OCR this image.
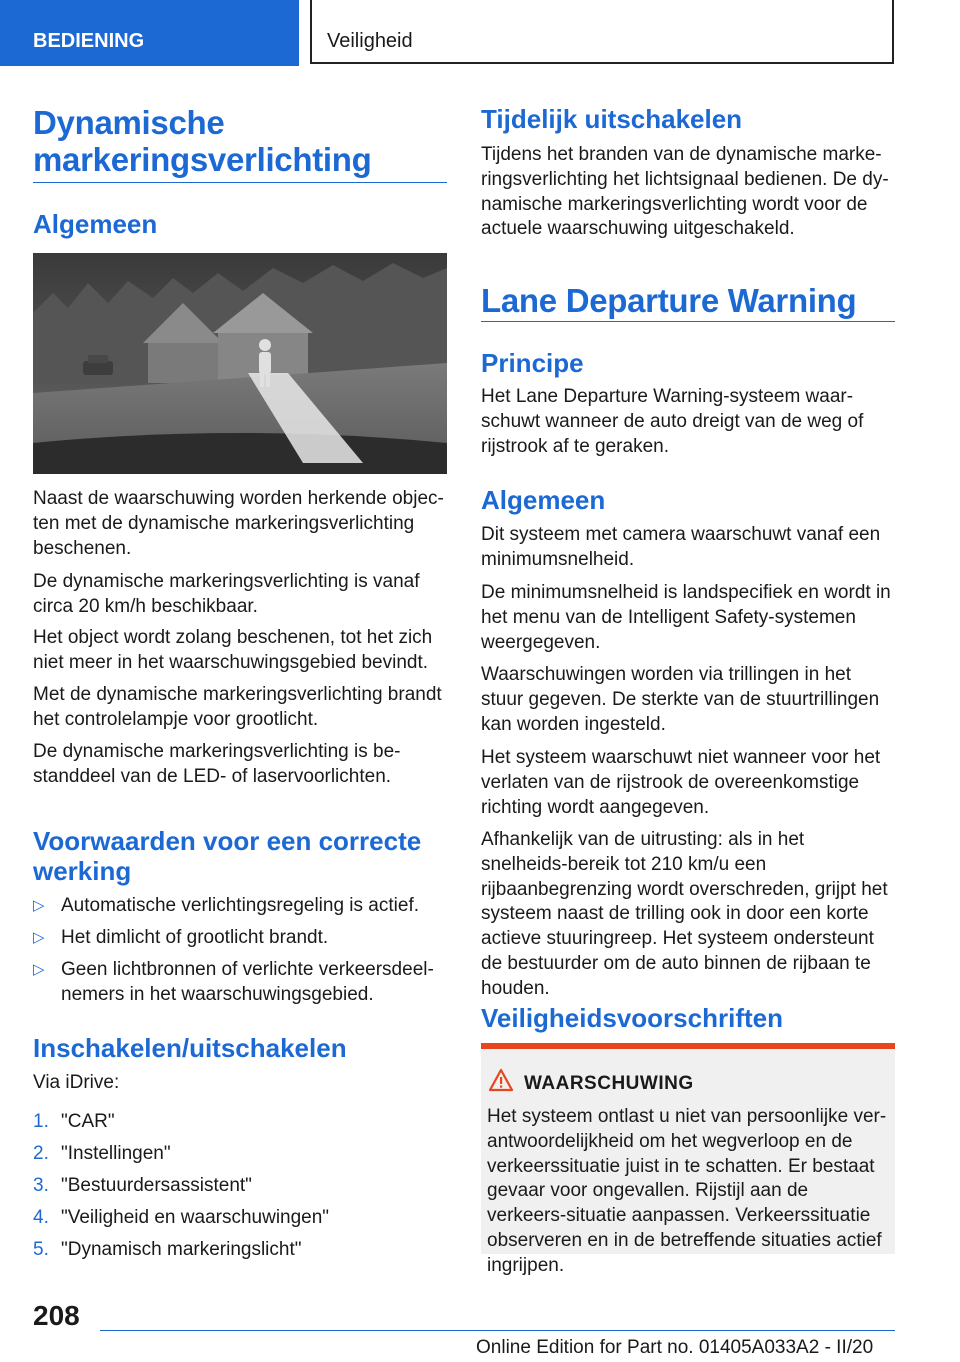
BEDIENING	Veiligheid
Dynamische
markeringsverlichting
Algemeen

Naast de waarschuwing worden herkende objec-ten met de dynamische markeringsverlichting beschenen.

De dynamische markeringsverlichting is vanaf circa 20 km/h beschikbaar.

Het object wordt zolang beschenen, tot het zich niet meer in het waarschuwingsgebied bevindt.

Met de dynamische markeringsverlichting brandt het controlelampje voor grootlicht.

De dynamische markeringsverlichting is be-standdeel van de LED- of laservoorlichten.

Voorwaarden voor een correcte werking
▷ Automatische verlichtingsregeling is actief.
▷ Het dimlicht of grootlicht brandt.
▷ Geen lichtbronnen of verlichte verkeersdeel-nemers in het waarschuwingsgebied.
Inschakelen/uitschakelen

Via iDrive:

1. "CAR"
2. "Instellingen"
3. "Bestuurdersassistent"
4. "Veiligheid en waarschuwingen"
5. "Dynamisch markeringslicht"
Tijdelijk uitschakelen

Tijdens het branden van de dynamische marke-ringsverlichting het lichtsignaal bedienen. De dy-namische markeringsverlichting wordt voor de actuele waarschuwing uitgeschakeld.

Lane Departure Warning
Principe

Het Lane Departure Warning-systeem waar-schuwt wanneer de auto dreigt van de weg of rijstrook af te geraken.

Algemeen

Dit systeem met camera waarschuwt vanaf een minimumsnelheid.

De minimumsnelheid is landspecifiek en wordt in het menu van de Intelligent Safety-systemen weergegeven.

Waarschuwingen worden via trillingen in het stuur gegeven. De sterkte van de stuurtrillingen kan worden ingesteld.

Het systeem waarschuwt niet wanneer voor het verlaten van de rijstrook de overeenkomstige richting wordt aangegeven.

Afhankelijk van de uitrusting: als in het snelheids-bereik tot 210 km/u een rijbaanbegrenzing wordt overschreden, grijpt het systeem naast de trilling ook in door een korte actieve stuuringreep. Het systeem ondersteunt de bestuurder om de auto binnen de rijbaan te houden.

Veiligheidsvoorschriften
WAARSCHUWING

Het systeem ontlast u niet van persoonlijke ver-antwoordelijkheid om het wegverloop en de verkeerssituatie juist in te schatten. Er bestaat gevaar voor ongevallen. Rijstijl aan de verkeers-situatie aanpassen. Verkeerssituatie observeren en in de betreffende situaties actief ingrijpen.

208
Online Edition for Part no. 01405A033A2 - II/20
